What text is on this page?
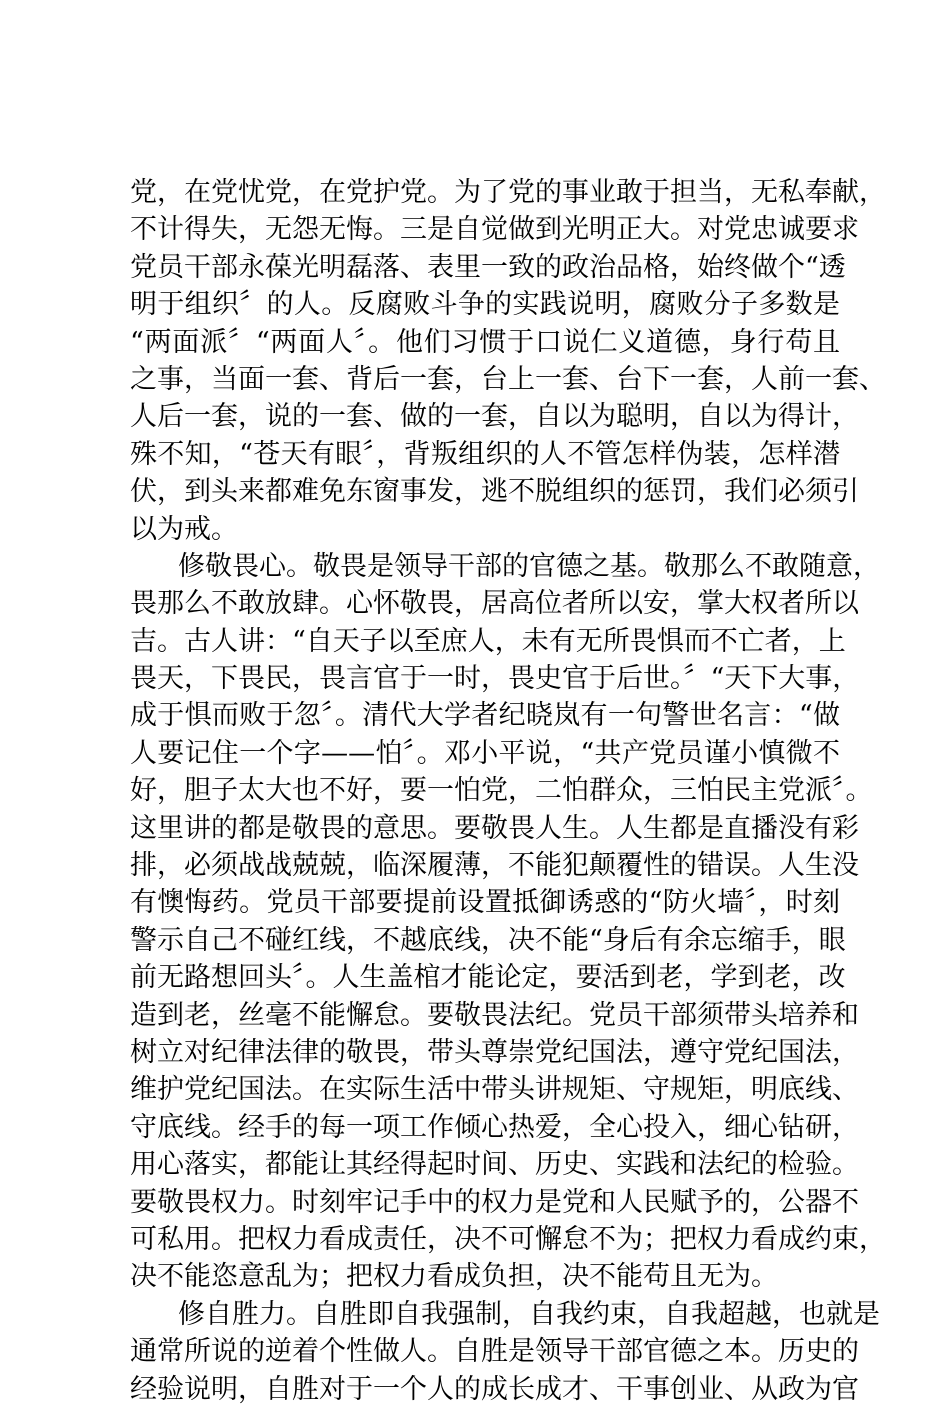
党，在党忧党，在党护党。为了党的事业敢于担当，无私奉献，
不计得失，无怨无悔。三是自觉做到光明正大。对党忠诚要求
党员干部永葆光明磊落、表里一致的政治品格，始终做个“透
明于组织〞的人。反腐败斗争的实践说明，腐败分子多数是
“两面派〞“两面人〞。他们习惯于口说仁义道德，身行苟且
之事，当面一套、背后一套，台上一套、台下一套，人前一套、
人后一套，说的一套、做的一套，自以为聪明，自以为得计，
殊不知，“苍天有眼〞，背叛组织的人不管怎样伪装，怎样潜
伏，到头来都难免东窗事发，逃不脱组织的惩罚，我们必须引
以为戒。
修敬畏心。敬畏是领导干部的官德之基。敬那么不敢随意，
畏那么不敢放肆。心怀敬畏，居高位者所以安，掌大权者所以
吉。古人讲：“自天子以至庶人，未有无所畏惧而不亡者，上
畏天，下畏民，畏言官于一时，畏史官于后世。〞“天下大事，
成于惧而败于忽〞。清代大学者纪晓岚有一句警世名言：“做
人要记住一个字——怕〞。邓小平说，“共产党员谨小慎微不
好，胆子太大也不好，要一怕党，二怕群众，三怕民主党派〞。
这里讲的都是敬畏的意思。要敬畏人生。人生都是直播没有彩
排，必须战战兢兢，临深履薄，不能犯颠覆性的错误。人生没
有懊悔药。党员干部要提前设置抵御诱惑的“防火墙〞，时刻
警示自己不碰红线，不越底线，决不能“身后有余忘缩手，眼
前无路想回头〞。人生盖棺才能论定，要活到老，学到老，改
造到老，丝毫不能懈怠。要敬畏法纪。党员干部须带头培养和
树立对纪律法律的敬畏，带头尊崇党纪国法，遵守党纪国法，
维护党纪国法。在实际生活中带头讲规矩、守规矩，明底线、
守底线。经手的每一项工作倾心热爱，全心投入，细心钻研，
用心落实，都能让其经得起时间、历史、实践和法纪的检验。
要敬畏权力。时刻牢记手中的权力是党和人民赋予的，公器不
可私用。把权力看成责任，决不可懈怠不为；把权力看成约束，
决不能恣意乱为；把权力看成负担，决不能苟且无为。
修自胜力。自胜即自我强制，自我约束，自我超越，也就是
通常所说的逆着个性做人。自胜是领导干部官德之本。历史的
经验说明，自胜对于一个人的成长成才、干事创业、从政为官
